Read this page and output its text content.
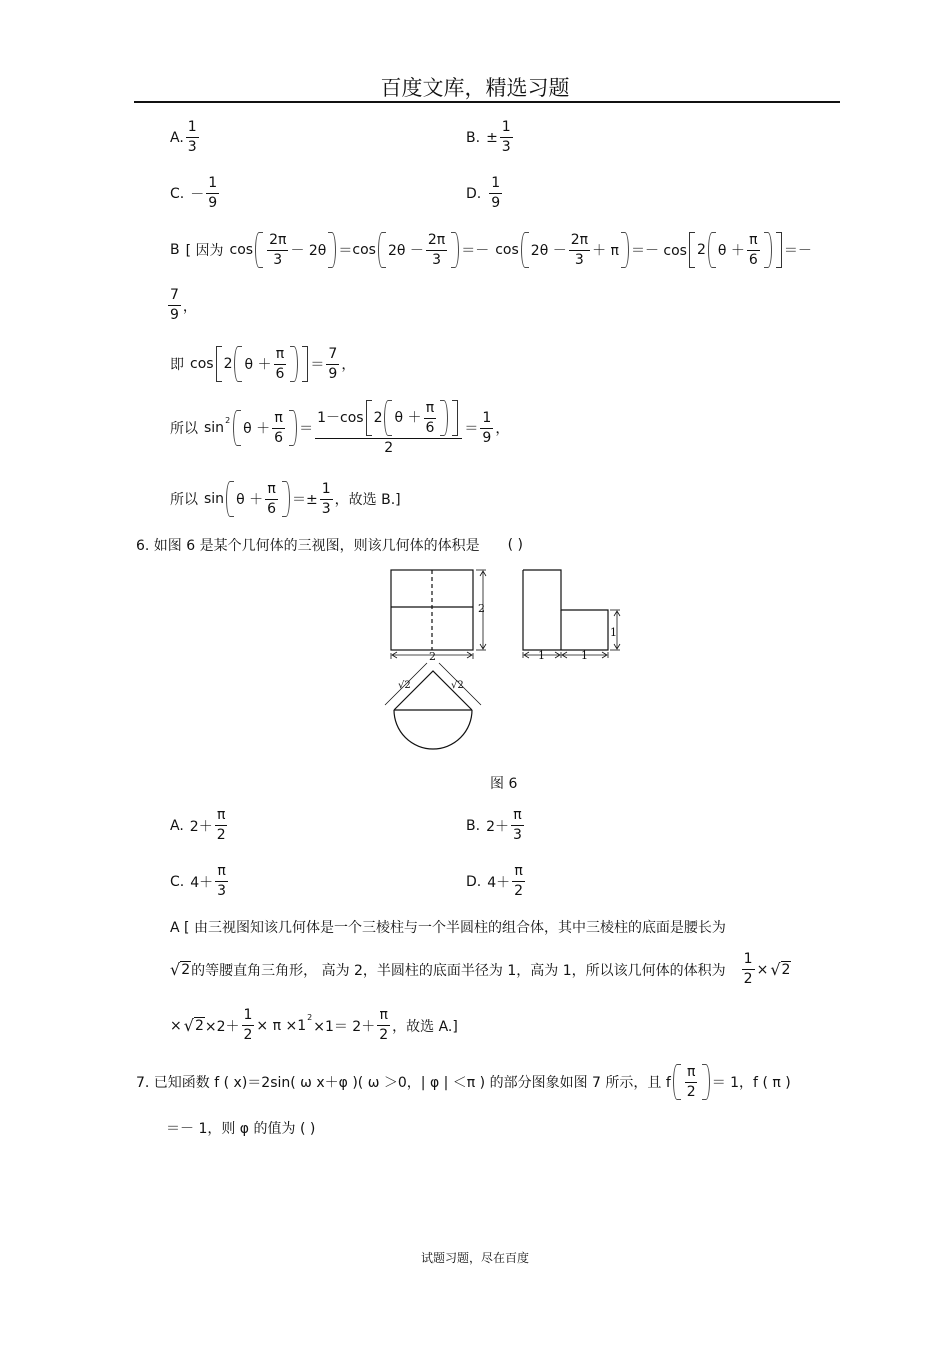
百度文库，精选习题
A. $\frac{1}{3}$	B. ± $\frac{1}{3}$
C. － $\frac{1}{9}$	D. $\frac{1}{9}$
B [ 因为 $\cos \frac{2\pi}{3} - 2\theta = \cos 2\theta - \frac{2\pi}{3} =- \cos 2\theta - \frac{2\pi}{3} + \pi =- \cos 2$ $\theta + \frac{\pi}{6}$ ＝－
$\frac{7}{9}$ ，
即 cos 2 $\theta + \frac{\pi}{6} = \frac{7}{9}$ ，
所以 sin 2
$\theta + \frac{\pi}{6} = \frac{1-\cos 2 \theta + \frac{\pi}{6}}{2} = \frac{1}{9}$ ，
所以 $\sin \theta + \frac{\pi}{6} =\pm \frac{1}{3}$ ，故选 B.]
6. 如图 6 是某个几何体的三视图，则该几何体的体积是 ( )
2
2
1
1	1
√2	√2
图 6
A. $2+ \frac{\pi}{2}$	B. $2+ \frac{\pi}{3}$
C. $4+ \frac{\pi}{3}$	D. $4+ \frac{\pi}{2}$
A [ 由三视图知该几何体是一个三棱柱与一个半圆柱的组合体，其中三棱柱的底面是腰长为
√ 2 的等腰直角三角形， 高为 2，半圆柱的底面半径为 1，高为 1，所以该几何体的体积为 $\frac{1}{2}$ × √ 2
× √ $2 \times 2+ \frac{1}{2} \times \pi \times 1$ 2
$\times 1= 2+ \frac{\pi}{2}$ ，故选 A.]
7. 已知函数 f ( x)＝2sin( ω x＋φ )( ω ＞0，| φ | ＜π ) 的部分图象如图 7 所示，且 f $\frac{\pi}{2} = 1$，f ( π )
＝－ 1，则 φ 的值为 ( )
试题习题，尽在百度
